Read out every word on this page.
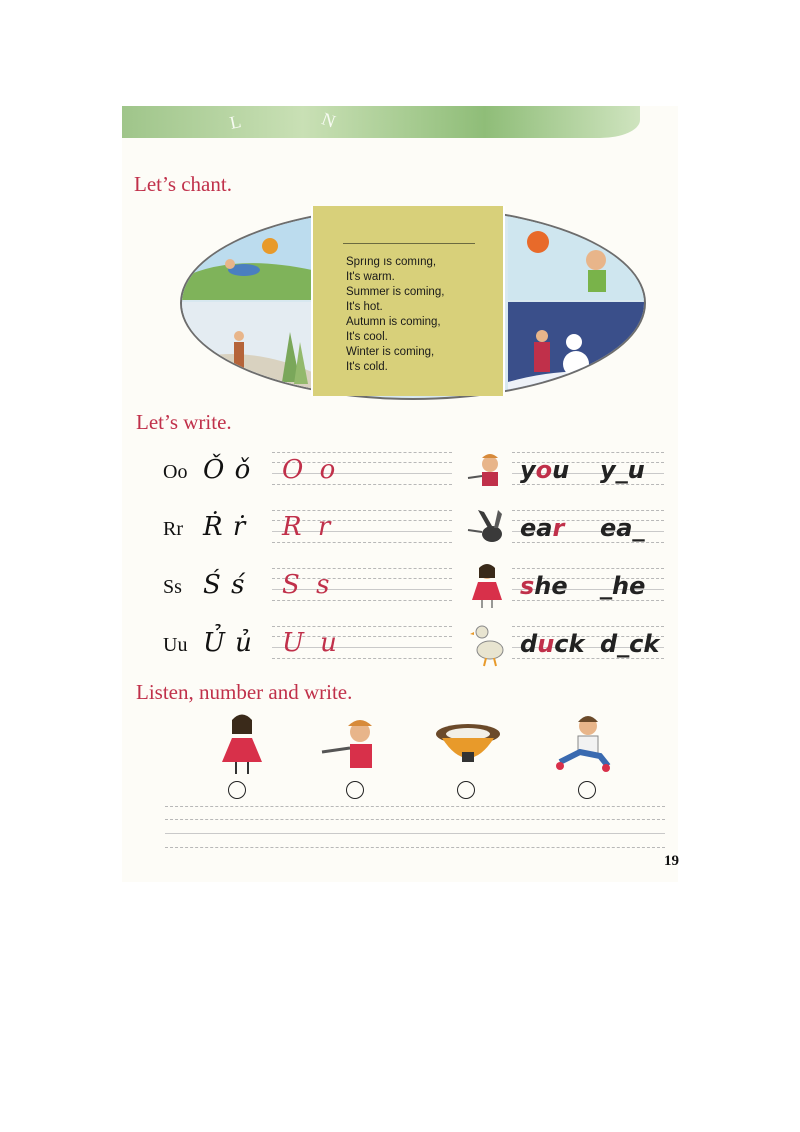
L	N
Let’s chant.
Sprıng ıs comıng,
It's warm.
Summer is coming,
It's hot.
Autumn is coming,
It's cool.
Winter is coming,
It's cold.
Let’s write.
Oo Ǒ ǒ O o	you y_u
Rr Ṙ ṙ R r	ear ea_
Ss Ś ś S s	she _he
Uu Ủ ủ U u	duck d_ck
Listen, number and write.
19
